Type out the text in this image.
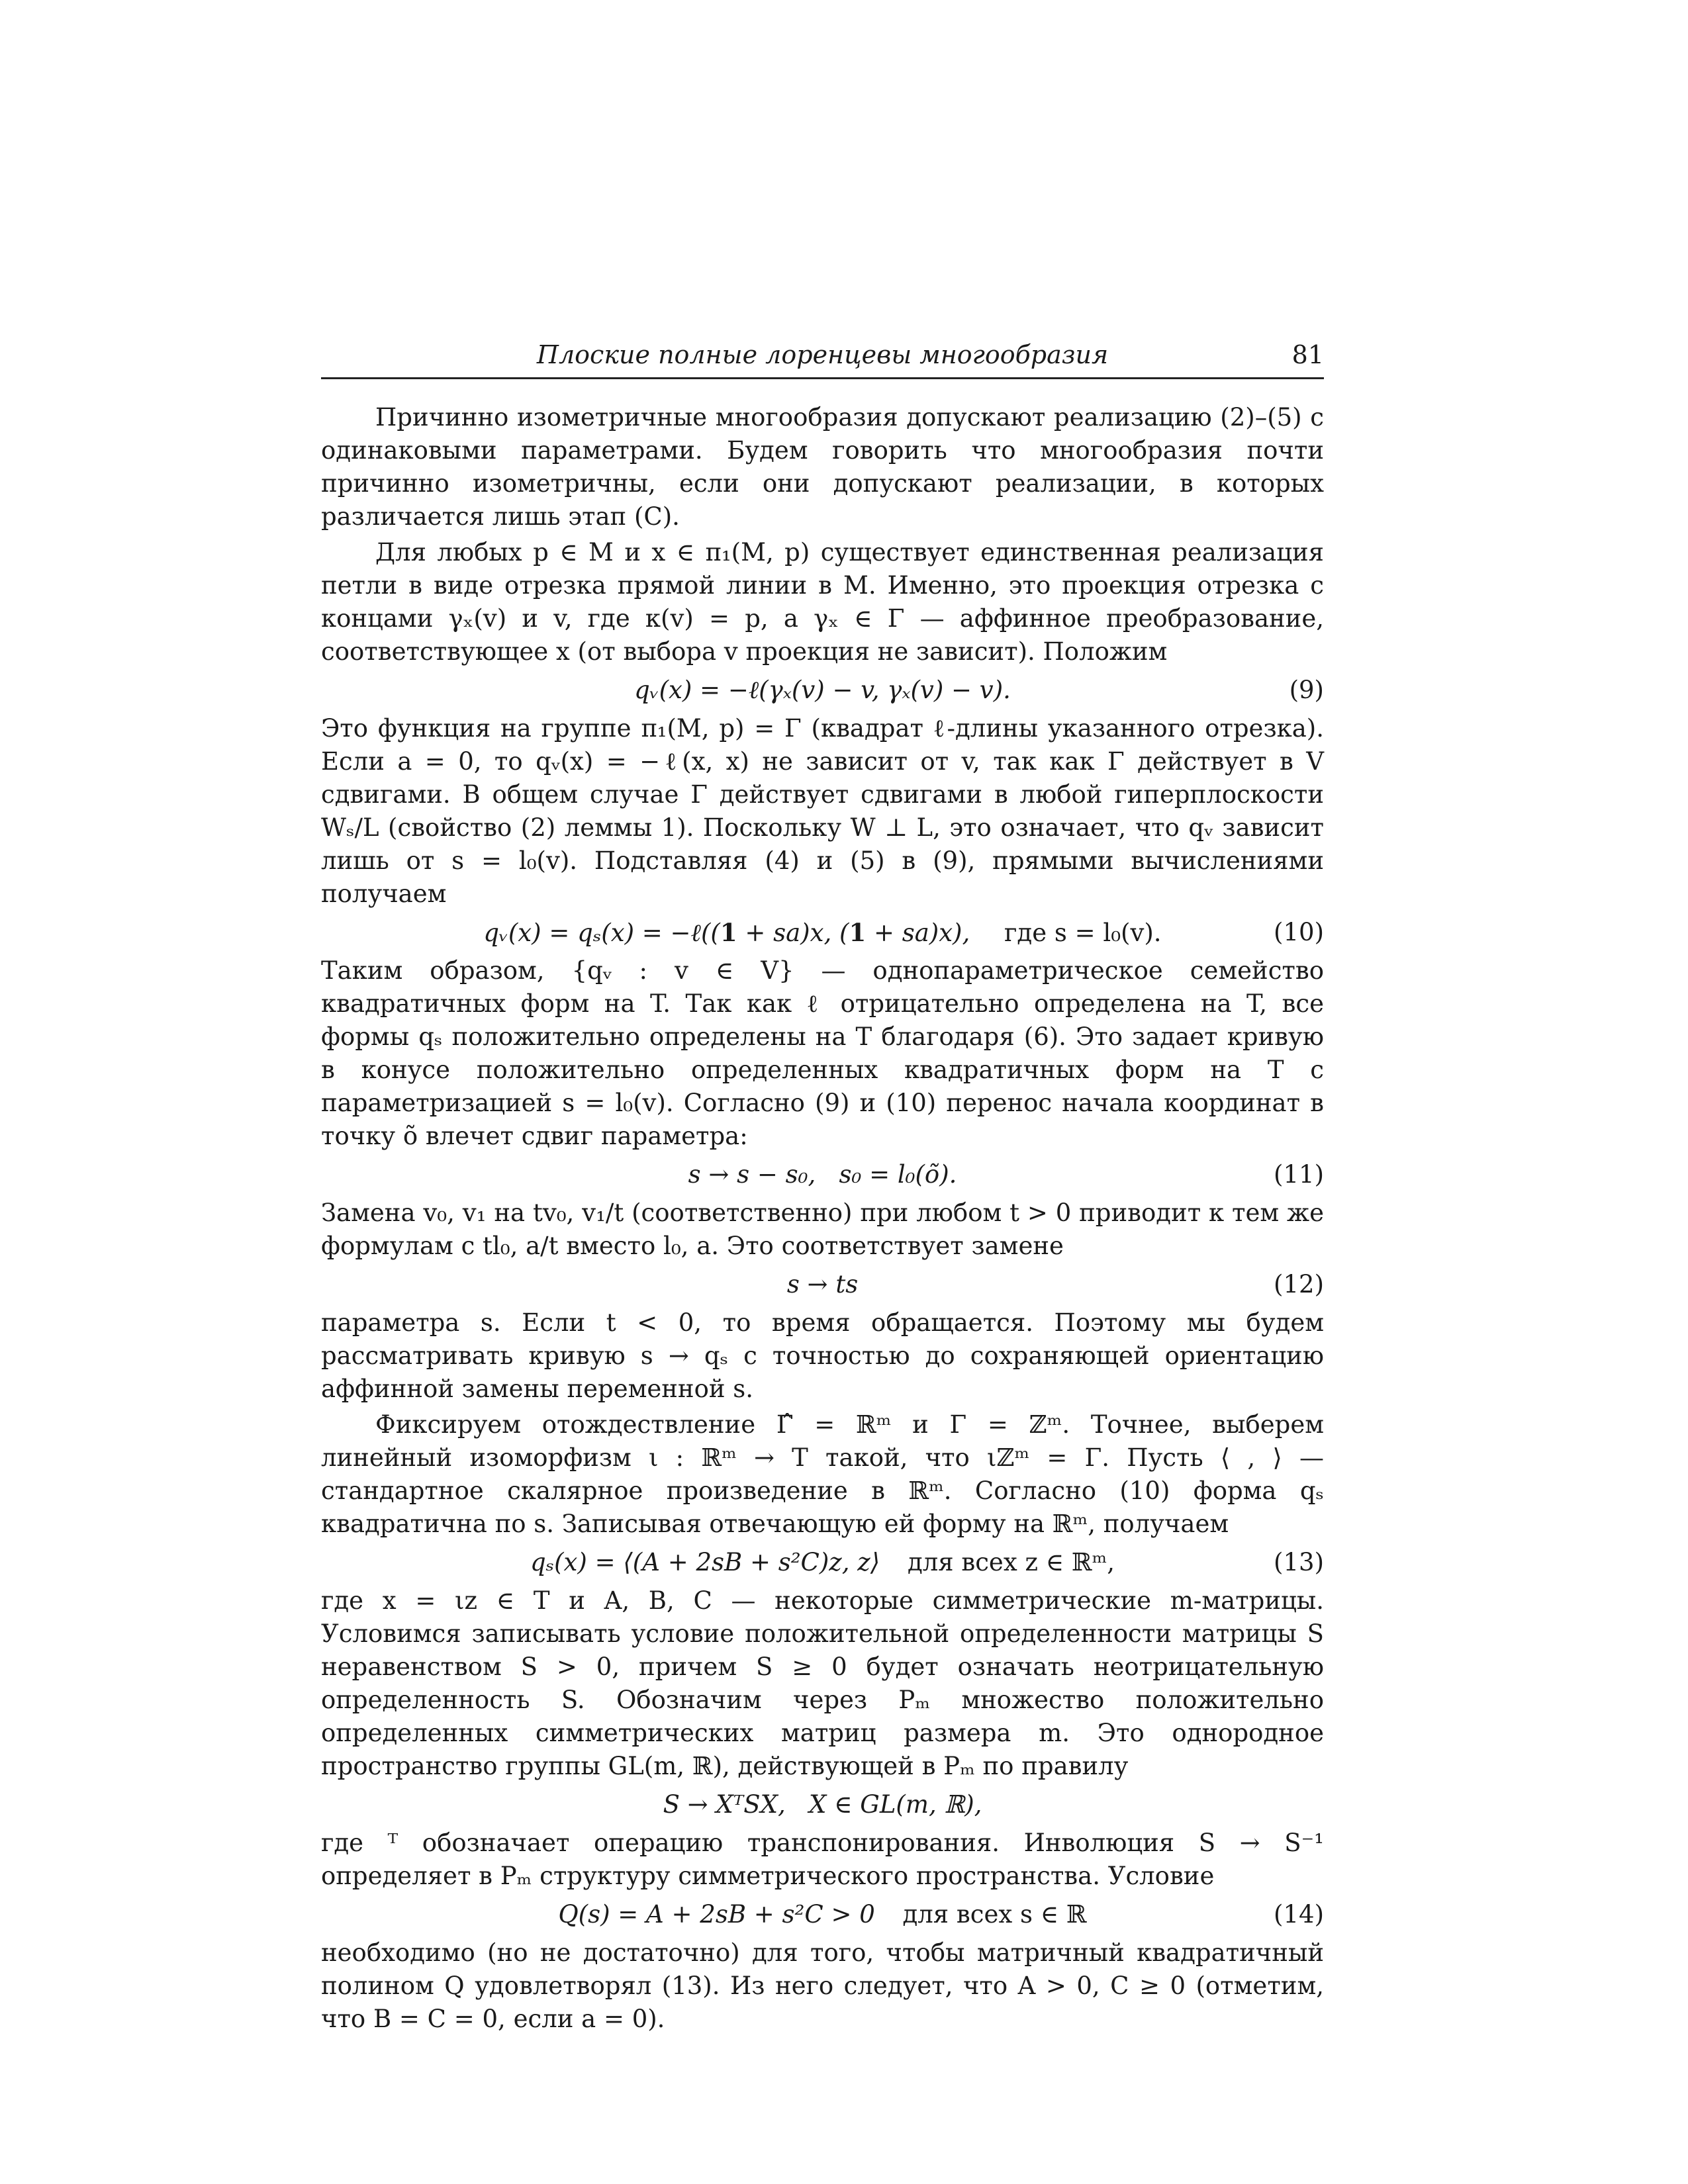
Плоские полные лоренцевы многообразия	81

Причинно изометричные многообразия допускают реализацию (2)–(5) с одинаковыми параметрами. Будем говорить что многообразия почти причинно изометричны, если они допускают реализации, в которых различается лишь этап (C).

Для любых p ∈ M и x ∈ π₁(M, p) существует единственная реализация петли в виде отрезка прямой линии в M. Именно, это проекция отрезка с концами γₓ(v) и v, где κ(v) = p, а γₓ ∈ Γ — аффинное преобразование, соответствующее x (от выбора v проекция не зависит). Положим

qᵥ(x) = −ℓ(γₓ(v) − v, γₓ(v) − v).	(9)

Это функция на группе π₁(M, p) = Γ (квадрат ℓ-длины указанного отрезка). Если a = 0, то qᵥ(x) = −ℓ(x, x) не зависит от v, так как Γ действует в V сдвигами. В общем случае Γ действует сдвигами в любой гиперплоскости Wₛ/L (свойство (2) леммы 1). Поскольку W ⊥ L, это означает, что qᵥ зависит лишь от s = l₀(v). Подставляя (4) и (5) в (9), прямыми вычислениями получаем

qᵥ(x) = qₛ(x) = −ℓ((1 + sa)x, (1 + sa)x), где s = l₀(v).	(10)

Таким образом, {qᵥ : v ∈ V} — однопараметрическое семейство квадратичных форм на T. Так как ℓ отрицательно определена на T, все формы qₛ положительно определены на T благодаря (6). Это задает кривую в конусе положительно определенных квадратичных форм на T с параметризацией s = l₀(v). Согласно (9) и (10) перенос начала координат в точку õ влечет сдвиг параметра:

s → s − s₀,   s₀ = l₀(õ).	(11)

Замена v₀, v₁ на tv₀, v₁/t (соответственно) при любом t > 0 приводит к тем же формулам с tl₀, a/t вместо l₀, a. Это соответствует замене

s → ts	(12)

параметра s. Если t < 0, то время обращается. Поэтому мы будем рассматривать кривую s → qₛ с точностью до сохраняющей ориентацию аффинной замены переменной s.

Фиксируем отождествление Γ̂ = ℝᵐ и Γ = ℤᵐ. Точнее, выберем линейный изоморфизм ι : ℝᵐ → T такой, что ιℤᵐ = Γ. Пусть ⟨ , ⟩ — стандартное скалярное произведение в ℝᵐ. Согласно (10) форма qₛ квадратична по s. Записывая отвечающую ей форму на ℝᵐ, получаем

qₛ(x) = ⟨(A + 2sB + s²C)z, z⟩ для всех z ∈ ℝᵐ,	(13)

где x = ιz ∈ T и A, B, C — некоторые симметрические m-матрицы. Условимся записывать условие положительной определенности матрицы S неравенством S > 0, причем S ≥ 0 будет означать неотрицательную определенность S. Обозначим через Pₘ множество положительно определенных симметрических матриц размера m. Это однородное пространство группы GL(m, ℝ), действующей в Pₘ по правилу

S → XᵀSX,   X ∈ GL(m, ℝ),

где ᵀ обозначает операцию транспонирования. Инволюция S → S⁻¹ определяет в Pₘ структуру симметрического пространства. Условие

Q(s) = A + 2sB + s²C > 0 для всех s ∈ ℝ	(14)

необходимо (но не достаточно) для того, чтобы матричный квадратичный полином Q удовлетворял (13). Из него следует, что A > 0, C ≥ 0 (отметим, что B = C = 0, если a = 0).
